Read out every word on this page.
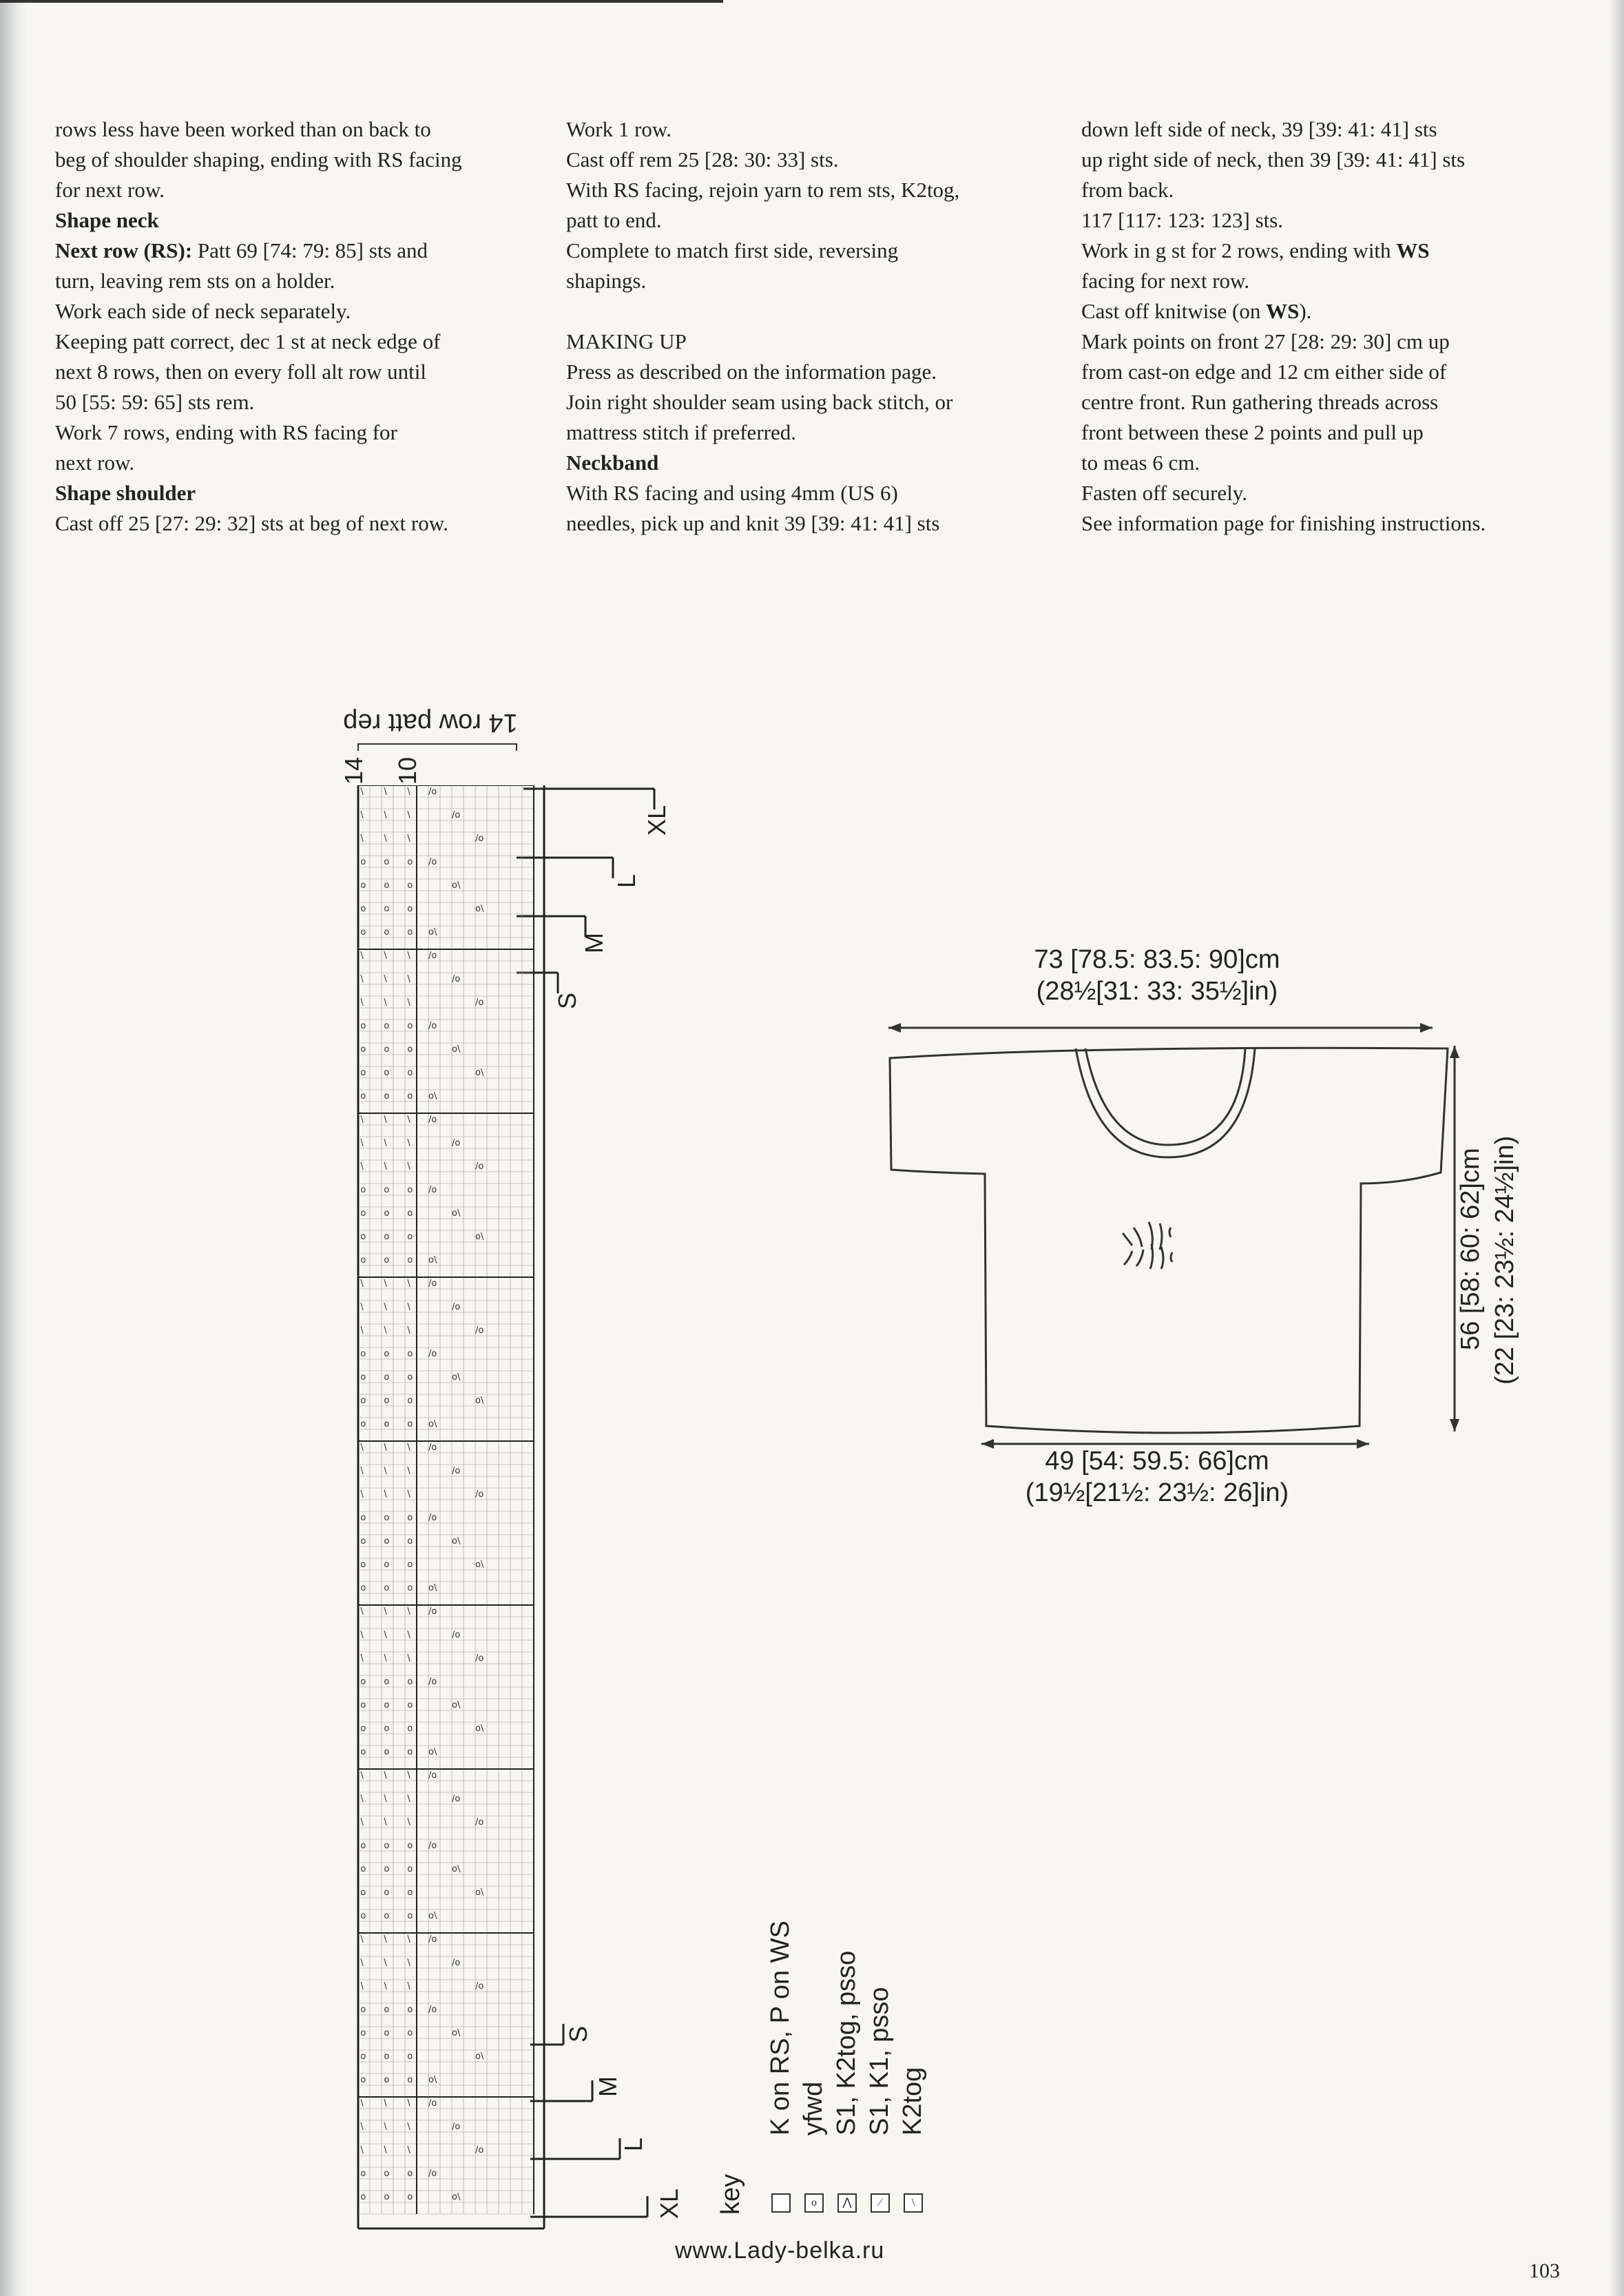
rows less have been worked than on back to

beg of shoulder shaping, ending with RS facing

for next row.

Shape neck

Next row (RS): Patt 69 [74: 79: 85] sts and

turn, leaving rem sts on a holder.

Work each side of neck separately.

Keeping patt correct, dec 1 st at neck edge of

next 8 rows, then on every foll alt row until

50 [55: 59: 65] sts rem.

Work 7 rows, ending with RS facing for

next row.

Shape shoulder

Cast off 25 [27: 29: 32] sts at beg of next row.

Work 1 row.

Cast off rem 25 [28: 30: 33] sts.

With RS facing, rejoin yarn to rem sts, K2tog,

patt to end.

Complete to match first side, reversing

shapings.

MAKING UP

Press as described on the information page.

Join right shoulder seam using back stitch, or

mattress stitch if preferred.

Neckband

With RS facing and using 4mm (US 6)

needles, pick up and knit 39 [39: 41: 41] sts

down left side of neck, 39 [39: 41: 41] sts

up right side of neck, then 39 [39: 41: 41] sts

from back.

117 [117: 123: 123] sts.

Work in g st for 2 rows, ending with WS

facing for next row.

Cast off knitwise (on WS).

Mark points on front 27 [28: 29: 30] cm up

from cast-on edge and 12 cm either side of

centre front. Run gathering threads across

front between these 2 points and pull up

to meas 6 cm.

Fasten off securely.

See information page for finishing instructions.

14 row patt rep
14 10
\ \ \ /o
\ \ \	/o
\ \ \	/o
o o o /o
o o o	o\
o o o	o\
o o o o\
\ \ \ /o
\ \ \	/o
\ \ \	/o
o o o /o
o o o	o\
o o o	o\
o o o o\
\ \ \ /o
\ \ \	/o
\ \ \	/o
o o o /o
o o o	o\
o o o	o\
o o o o\
\ \ \ /o
\ \ \	/o
\ \ \	/o
o o o /o
o o o	o\
o o o	o\
o o o o\
\ \ \ /o
\ \ \	/o
\ \ \	/o
o o o /o
o o o	o\
o o o	o\
o o o o\
\ \ \ /o
\ \ \	/o
\ \ \	/o
o o o /o
o o o	o\
o o o	o\
o o o o\
\ \ \ /o
\ \ \	/o
\ \ \	/o
o o o /o
o o o	o\
o o o	o\
o o o o\
\ \ \ /o
\ \ \	/o
\ \ \	/o
o o o /o
o o o	o\
o o o	o\
o o o o\
\ \ \ /o
\ \ \	/o
\ \ \	/o
o o o /o
o o o	o\
XL
L
M
S
S
M
L
XL key
K on RS, P on WS
o
yfwd
⋀
S1, K2tog, psso
⁄
S1, K1, psso
\
K2tog
73 [78.5: 83.5: 90]cm
(28½[31: 33: 35½]in)
56 [58: 60: 62]cm (22 [23: 23½: 24½]in)
49 [54: 59.5: 66]cm
(19½[21½: 23½: 26]in)
www.Lady-belka.ru
103
